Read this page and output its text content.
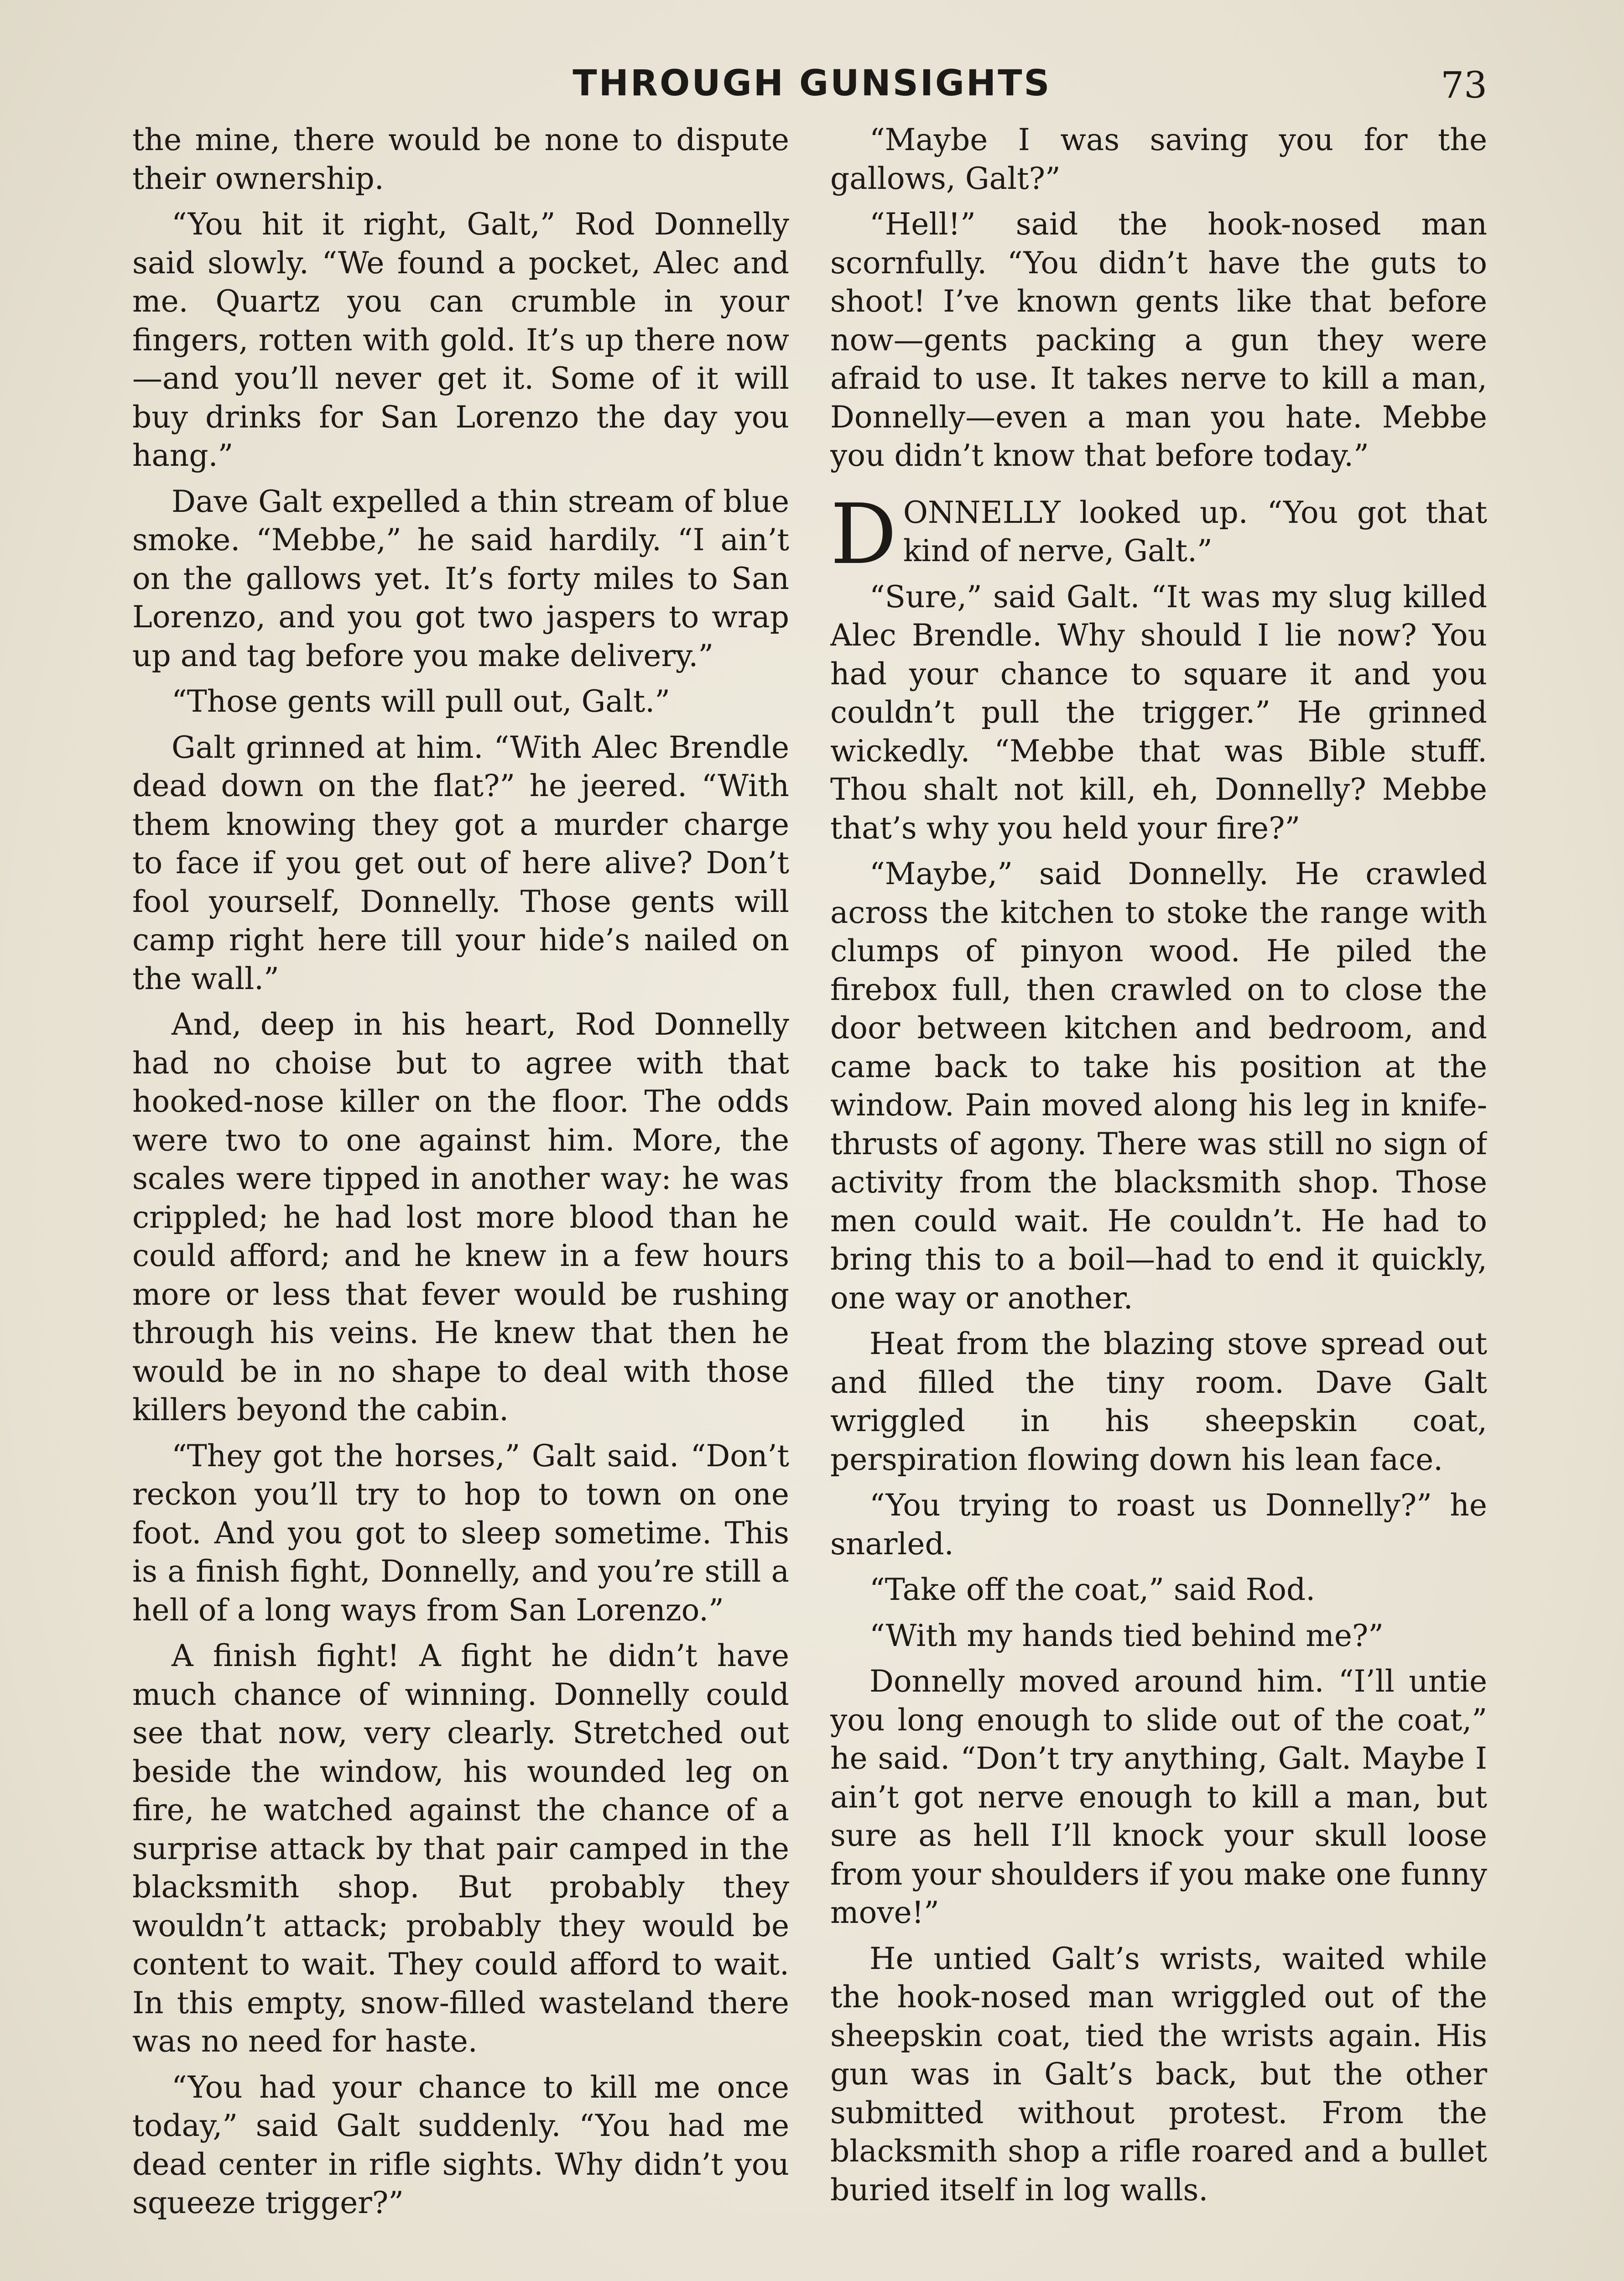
THROUGH GUNSIGHTS	73

the mine, there would be none to dispute their ownership.

“You hit it right, Galt,” Rod Donnelly said slowly. “We found a pocket, Alec and me. Quartz you can crumble in your fingers, rotten with gold. It’s up there now—and you’ll never get it. Some of it will buy drinks for San Lorenzo the day you hang.”

Dave Galt expelled a thin stream of blue smoke. “Mebbe,” he said hardily. “I ain’t on the gallows yet. It’s forty miles to San Lorenzo, and you got two jaspers to wrap up and tag before you make delivery.”

“Those gents will pull out, Galt.”

Galt grinned at him. “With Alec Brendle dead down on the flat?” he jeered. “With them knowing they got a murder charge to face if you get out of here alive? Don’t fool yourself, Donnelly. Those gents will camp right here till your hide’s nailed on the wall.”

And, deep in his heart, Rod Donnelly had no choise but to agree with that hooked-nose killer on the floor. The odds were two to one against him. More, the scales were tipped in another way: he was crippled; he had lost more blood than he could afford; and he knew in a few hours more or less that fever would be rushing through his veins. He knew that then he would be in no shape to deal with those killers beyond the cabin.

“They got the horses,” Galt said. “Don’t reckon you’ll try to hop to town on one foot. And you got to sleep sometime. This is a finish fight, Donnelly, and you’re still a hell of a long ways from San Lorenzo.”

A finish fight! A fight he didn’t have much chance of winning. Donnelly could see that now, very clearly. Stretched out beside the window, his wounded leg on fire, he watched against the chance of a surprise attack by that pair camped in the blacksmith shop. But probably they wouldn’t attack; probably they would be content to wait. They could afford to wait. In this empty, snow-filled wasteland there was no need for haste.

“You had your chance to kill me once today,” said Galt suddenly. “You had me dead center in rifle sights. Why didn’t you squeeze trigger?”

“Maybe I was saving you for the gallows, Galt?”

“Hell!” said the hook-nosed man scornfully. “You didn’t have the guts to shoot! I’ve known gents like that before now—gents packing a gun they were afraid to use. It takes nerve to kill a man, Donnelly—even a man you hate. Mebbe you didn’t know that before today.”

DONNELLY looked up. “You got that kind of nerve, Galt.”

“Sure,” said Galt. “It was my slug killed Alec Brendle. Why should I lie now? You had your chance to square it and you couldn’t pull the trigger.” He grinned wickedly. “Mebbe that was Bible stuff. Thou shalt not kill, eh, Donnelly? Mebbe that’s why you held your fire?”

“Maybe,” said Donnelly. He crawled across the kitchen to stoke the range with clumps of pinyon wood. He piled the firebox full, then crawled on to close the door between kitchen and bedroom, and came back to take his position at the window. Pain moved along his leg in knife-thrusts of agony. There was still no sign of activity from the blacksmith shop. Those men could wait. He couldn’t. He had to bring this to a boil—had to end it quickly, one way or another.

Heat from the blazing stove spread out and filled the tiny room. Dave Galt wriggled in his sheepskin coat, perspiration flowing down his lean face.

“You trying to roast us Donnelly?” he snarled.

“Take off the coat,” said Rod.

“With my hands tied behind me?”

Donnelly moved around him. “I’ll untie you long enough to slide out of the coat,” he said. “Don’t try anything, Galt. Maybe I ain’t got nerve enough to kill a man, but sure as hell I’ll knock your skull loose from your shoulders if you make one funny move!”

He untied Galt’s wrists, waited while the hook-nosed man wriggled out of the sheepskin coat, tied the wrists again. His gun was in Galt’s back, but the other submitted without protest. From the blacksmith shop a rifle roared and a bullet buried itself in log walls.
